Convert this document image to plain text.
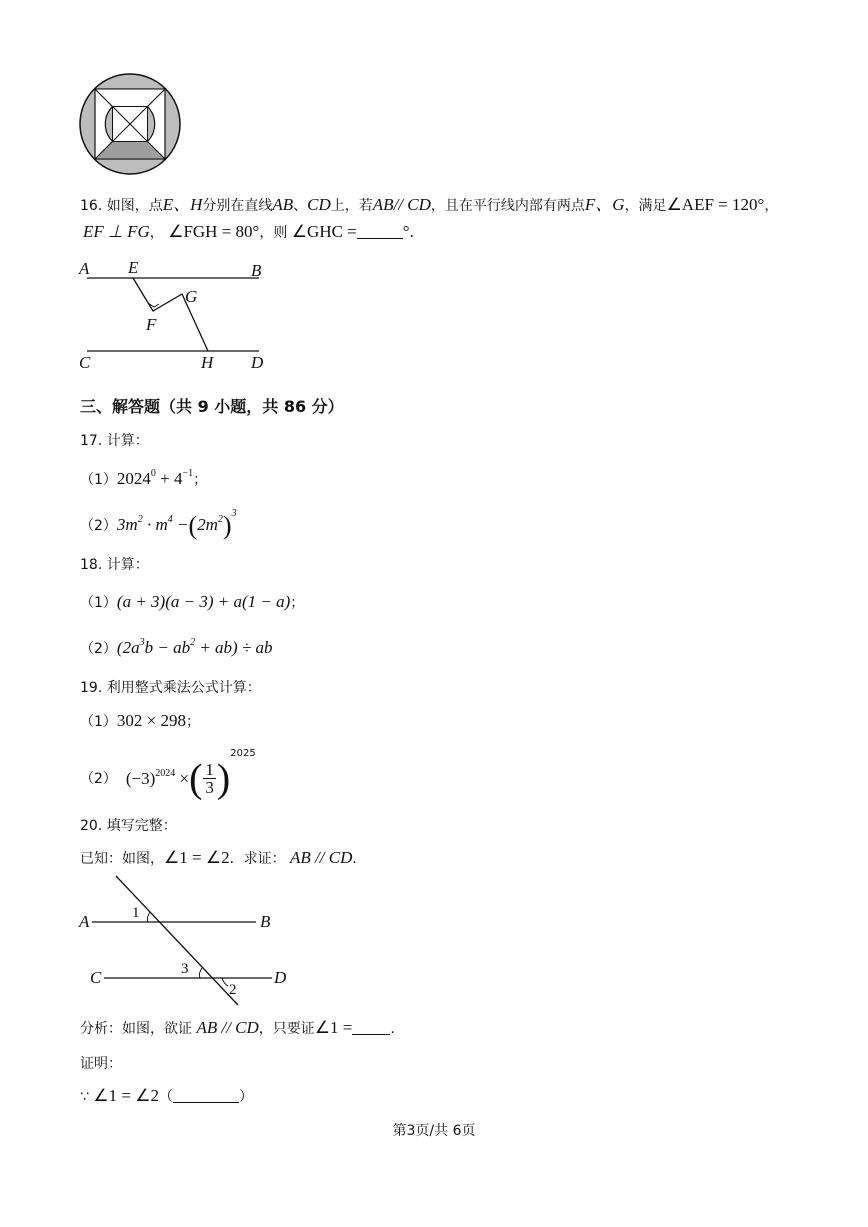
16. 如图，点E、H分别在直线AB、CD上，若AB// CD，且在平行线内部有两点F、G，满足∠AEF = 120°，
EF ⊥ FG， ∠FGH = 80°，则 ∠GHC =	°.
A E	B
G
F
C	H D
三、解答题（共 9 小题，共 86 分）
17. 计算：
$(1)2024^0 + 4^{-1}$；
$(2)3m^2 \cdot m^4 -(2m^2)^3$
18. 计算：
（1）(a + 3)(a − 3) + a(1 − a)；
$(2)(2a^3b - ab^2 + ab)$ ÷ ab
19. 利用整式乘法公式计算：
（1）302 × 298；
（2） $(-3)^{2024}$ ×( $\frac{1}{3} )^{2025}$
20. 填写完整：
已知：如图，∠1 = ∠2．求证： AB // CD．
1
3
2
A	B
C	D
分析：如图，欲证 AB // CD，只要证∠1 =	.
证明：
∵ ∠1 = ∠2（	）
第3页/共 6页
